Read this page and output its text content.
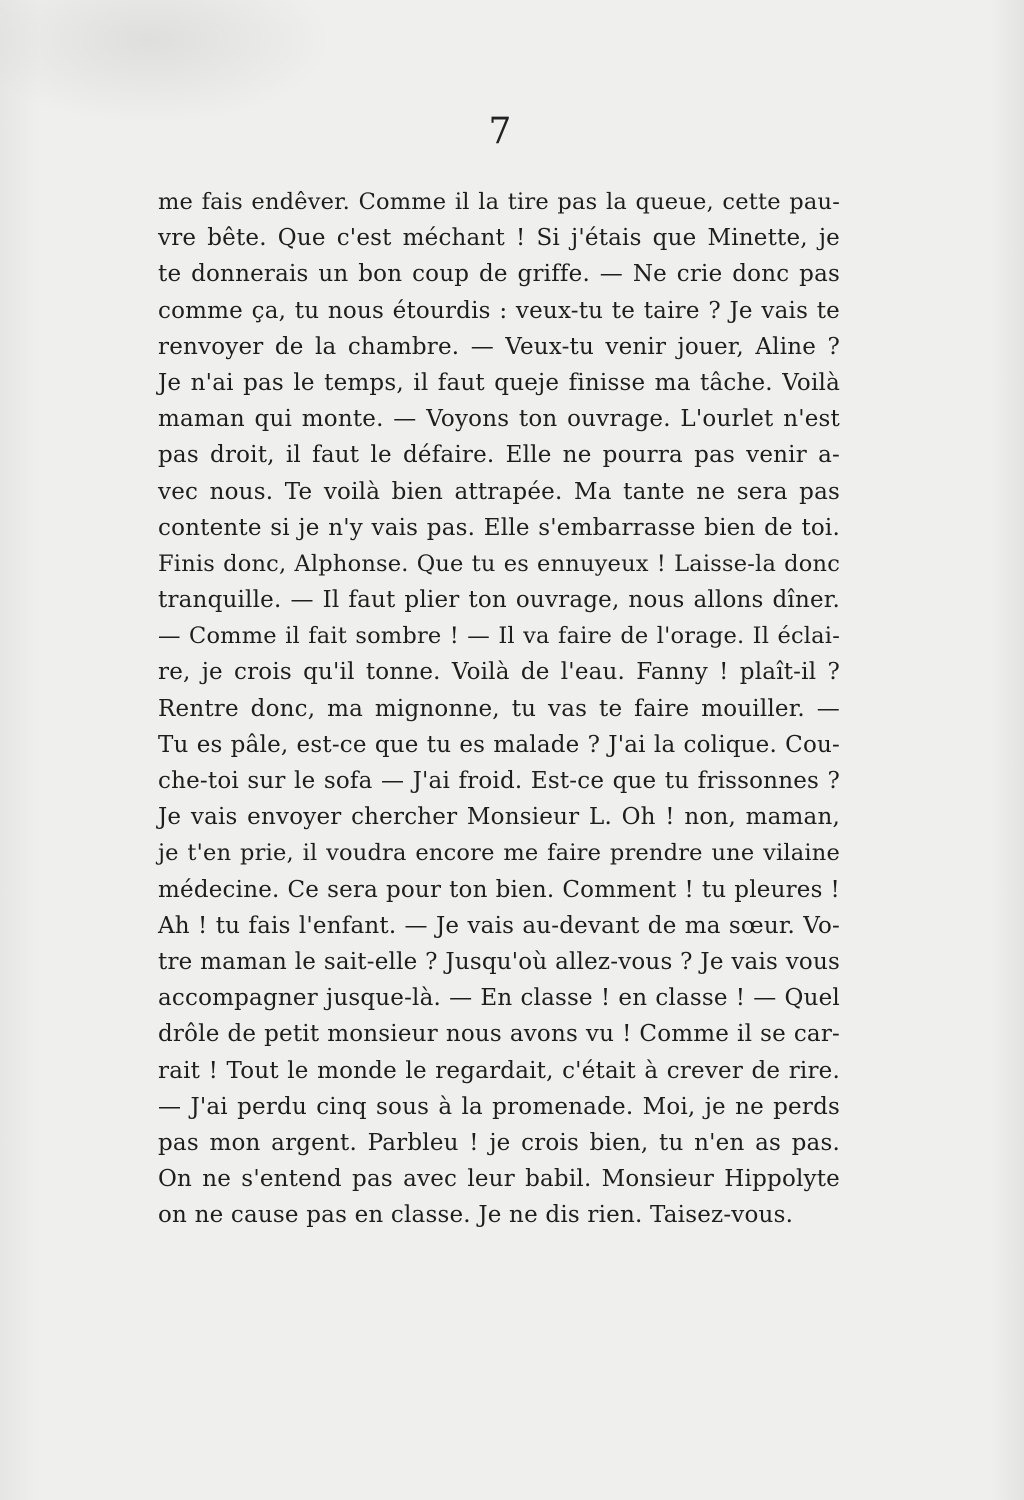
7
me fais endêver. Comme il la tire pas la queue, cette pau-
vre bête. Que c'est méchant ! Si j'étais que Minette, je
te donnerais un bon coup de griffe. — Ne crie donc pas
comme ça, tu nous étourdis : veux-tu te taire ? Je vais te
renvoyer de la chambre. — Veux-tu venir jouer, Aline ?
Je n'ai pas le temps, il faut queje finisse ma tâche. Voilà
maman qui monte. — Voyons ton ouvrage. L'ourlet n'est
pas droit, il faut le défaire. Elle ne pourra pas venir a-
vec nous. Te voilà bien attrapée. Ma tante ne sera pas
contente si je n'y vais pas. Elle s'embarrasse bien de toi.
Finis donc, Alphonse. Que tu es ennuyeux ! Laisse-la donc
tranquille. — Il faut plier ton ouvrage, nous allons dîner.
— Comme il fait sombre ! — Il va faire de l'orage. Il éclai-
re, je crois qu'il tonne. Voilà de l'eau. Fanny ! plaît-il ?
Rentre donc, ma mignonne, tu vas te faire mouiller. —
Tu es pâle, est-ce que tu es malade ? J'ai la colique. Cou-
che-toi sur le sofa — J'ai froid. Est-ce que tu frissonnes ?
Je vais envoyer chercher Monsieur L. Oh ! non, maman,
je t'en prie, il voudra encore me faire prendre une vilaine
médecine. Ce sera pour ton bien. Comment ! tu pleures !
Ah ! tu fais l'enfant. — Je vais au-devant de ma sœur. Vo-
tre maman le sait-elle ? Jusqu'où allez-vous ? Je vais vous
accompagner jusque-là. — En classe ! en classe ! — Quel
drôle de petit monsieur nous avons vu ! Comme il se car-
rait ! Tout le monde le regardait, c'était à crever de rire.
— J'ai perdu cinq sous à la promenade. Moi, je ne perds
pas mon argent. Parbleu ! je crois bien, tu n'en as pas.
On ne s'entend pas avec leur babil. Monsieur Hippolyte
on ne cause pas en classe. Je ne dis rien. Taisez-vous.
